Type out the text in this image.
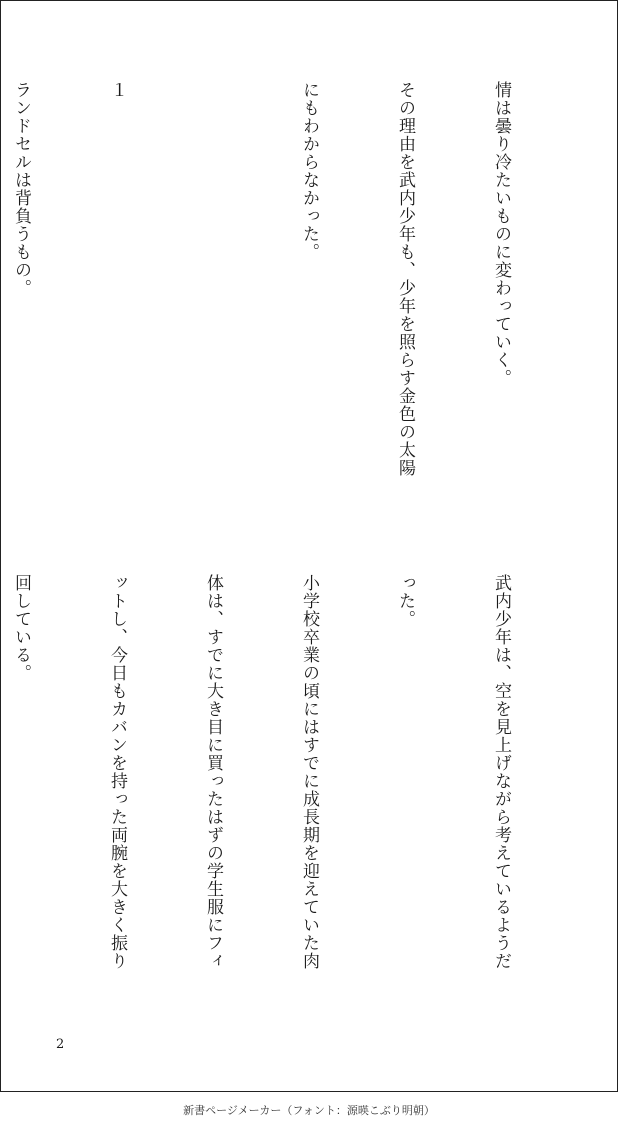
情は曇り冷たいものに変わっていく。

その理由を武内少年も、少年を照らす金色の太陽

にもわからなかった。

１

ランドセルは背負うもの。

武内少年は、空を見上げながら考えているようだ

った。

小学校卒業の頃にはすでに成長期を迎えていた肉

体は、すでに大き目に買ったはずの学生服にフィ

ットし、今日もカバンを持った両腕を大きく振り

回している。

2
新書ページメーカー（フォント：源暎こぶり明朝）
